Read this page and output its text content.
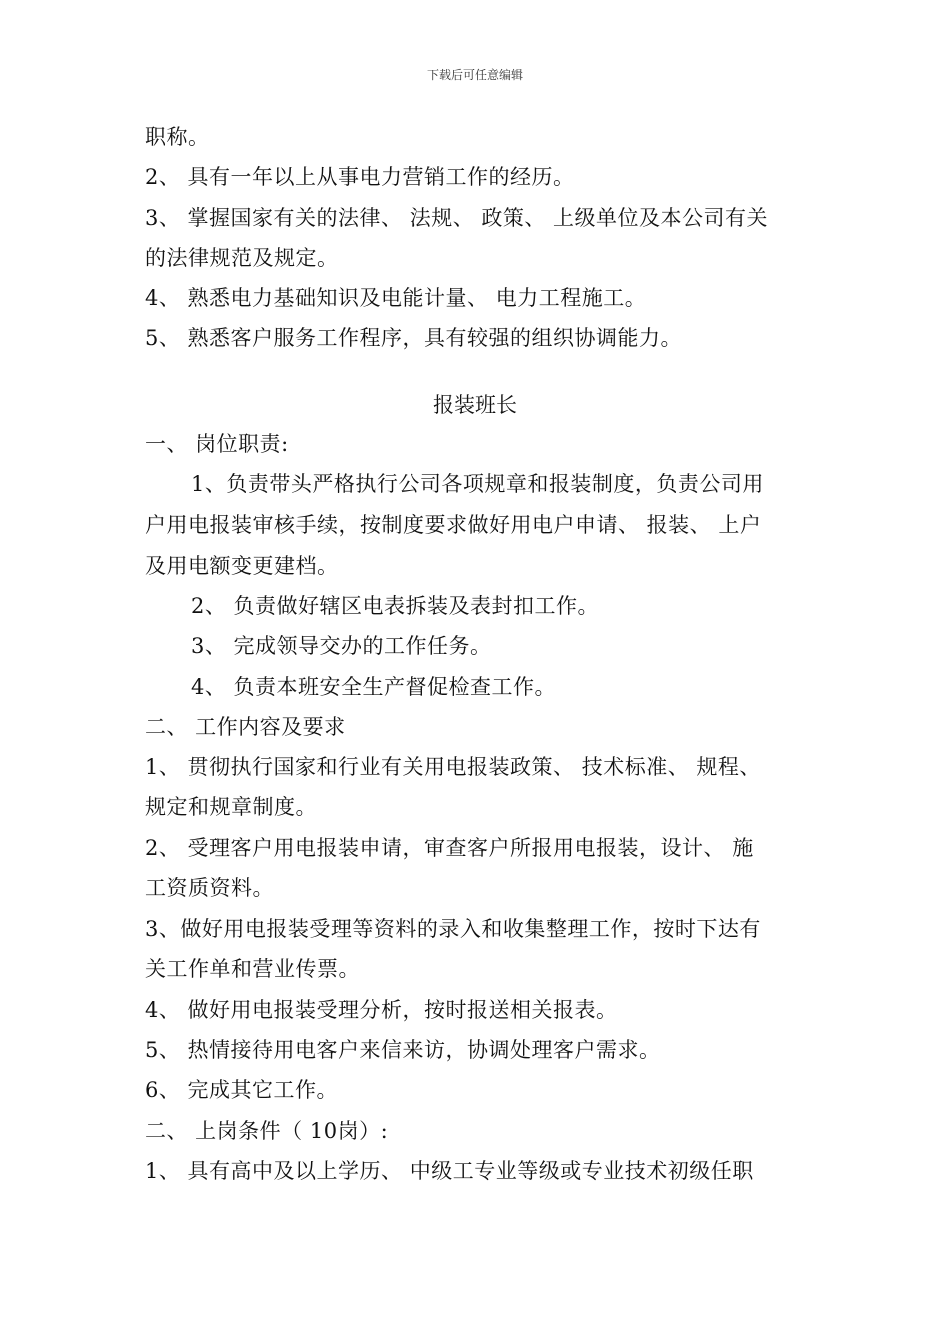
下载后可任意编辑
职称。
2、 具有一年以上从事电力营销工作的经历。
3、 掌握国家有关的法律、 法规、 政策、 上级单位及本公司有关
的法律规范及规定。
4、 熟悉电力基础知识及电能计量、 电力工程施工。
5、 熟悉客户服务工作程序，具有较强的组织协调能力。
报装班长
一、 岗位职责:
1、负责带头严格执行公司各项规章和报装制度，负责公司用
户用电报装审核手续，按制度要求做好用电户申请、 报装、 上户
及用电额变更建档。
2、 负责做好辖区电表拆装及表封扣工作。
3、 完成领导交办的工作任务。
4、 负责本班安全生产督促检查工作。
二、 工作内容及要求
1、 贯彻执行国家和行业有关用电报装政策、 技术标准、 规程、
规定和规章制度。
2、 受理客户用电报装申请，审查客户所报用电报装，设计、 施
工资质资料。
3、做好用电报装受理等资料的录入和收集整理工作，按时下达有
关工作单和营业传票。
4、 做好用电报装受理分析，按时报送相关报表。
5、 热情接待用电客户来信来访，协调处理客户需求。
6、 完成其它工作。
二、 上岗条件（ 10岗）:
1、 具有高中及以上学历、 中级工专业等级或专业技术初级任职
